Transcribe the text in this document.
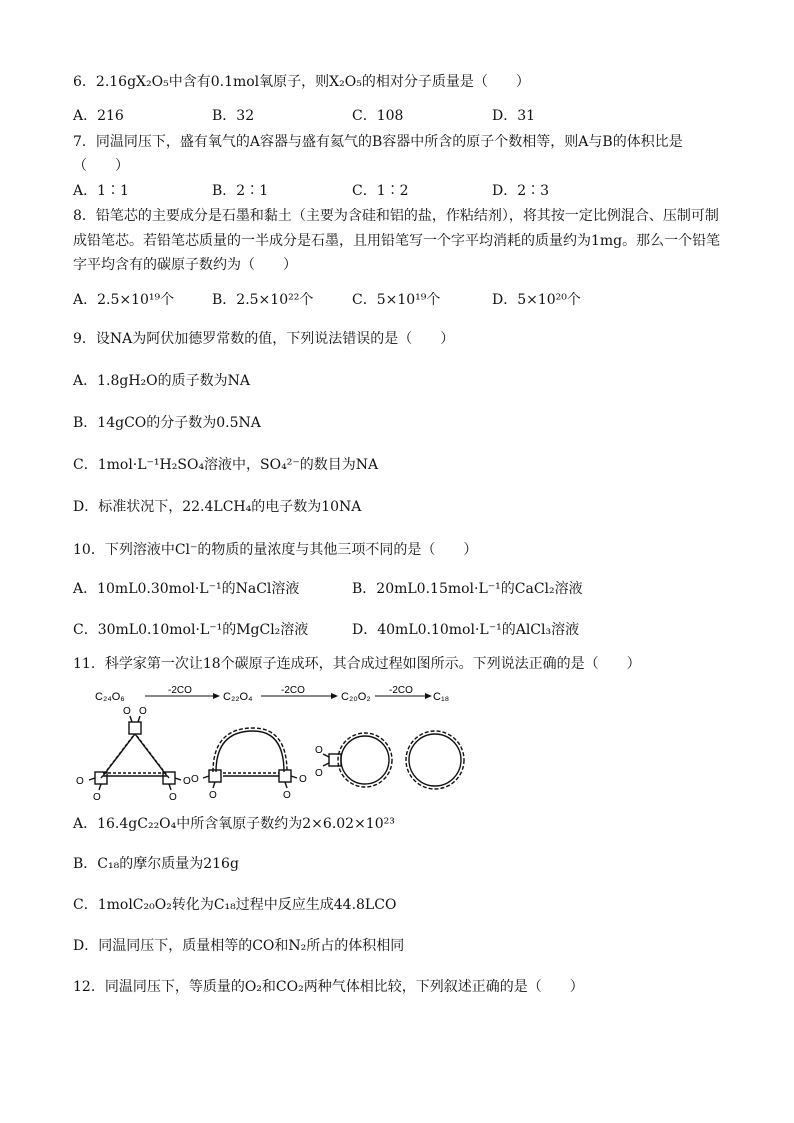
6．2.16gX₂O₅中含有0.1mol氧原子，则X₂O₅的相对分子质量是（　　）
A．216	B．32	C．108	D．31
7．同温同压下，盛有氧气的A容器与盛有氦气的B容器中所含的原子个数相等，则A与B的体积比是
（　　）
A．1∶1	B．2∶1	C．1∶2	D．2∶3
8．铅笔芯的主要成分是石墨和黏土（主要为含硅和铝的盐，作粘结剂），将其按一定比例混合、压制可制
成铅笔芯。若铅笔芯质量的一半成分是石墨，且用铅笔写一个字平均消耗的质量约为1mg。那么一个铅笔
字平均含有的碳原子数约为（　　）
A．2.5×10¹⁹个	B．2.5×10²²个	C．5×10¹⁹个	D．5×10²⁰个
9．设NA为阿伏加德罗常数的值，下列说法错误的是（　　）
A．1.8gH₂O的质子数为NA
B．14gCO的分子数为0.5NA
C．1mol·L⁻¹H₂SO₄溶液中，SO₄²⁻的数目为NA
D．标准状况下，22.4LCH₄的电子数为10NA
10．下列溶液中Cl⁻的物质的量浓度与其他三项不同的是（　　）
A．10mL0.30mol·L⁻¹的NaCl溶液	B．20mL0.15mol·L⁻¹的CaCl₂溶液
C．30mL0.10mol·L⁻¹的MgCl₂溶液	D．40mL0.10mol·L⁻¹的AlCl₃溶液
11．科学家第一次让18个碳原子连成环，其合成过程如图所示。下列说法正确的是（　　）
C₂₄O₆
-2CO
C₂₂O₄
-2CO
C₂₀O₂
-2CO
C₁₈
O O
O
O
O
O
O
O
O
O
O
O
A．16.4gC₂₂O₄中所含氧原子数约为2×6.02×10²³
B．C₁₈的摩尔质量为216g
C．1molC₂₀O₂转化为C₁₈过程中反应生成44.8LCO
D．同温同压下，质量相等的CO和N₂所占的体积相同
12．同温同压下，等质量的O₂和CO₂两种气体相比较，下列叙述正确的是（　　）
